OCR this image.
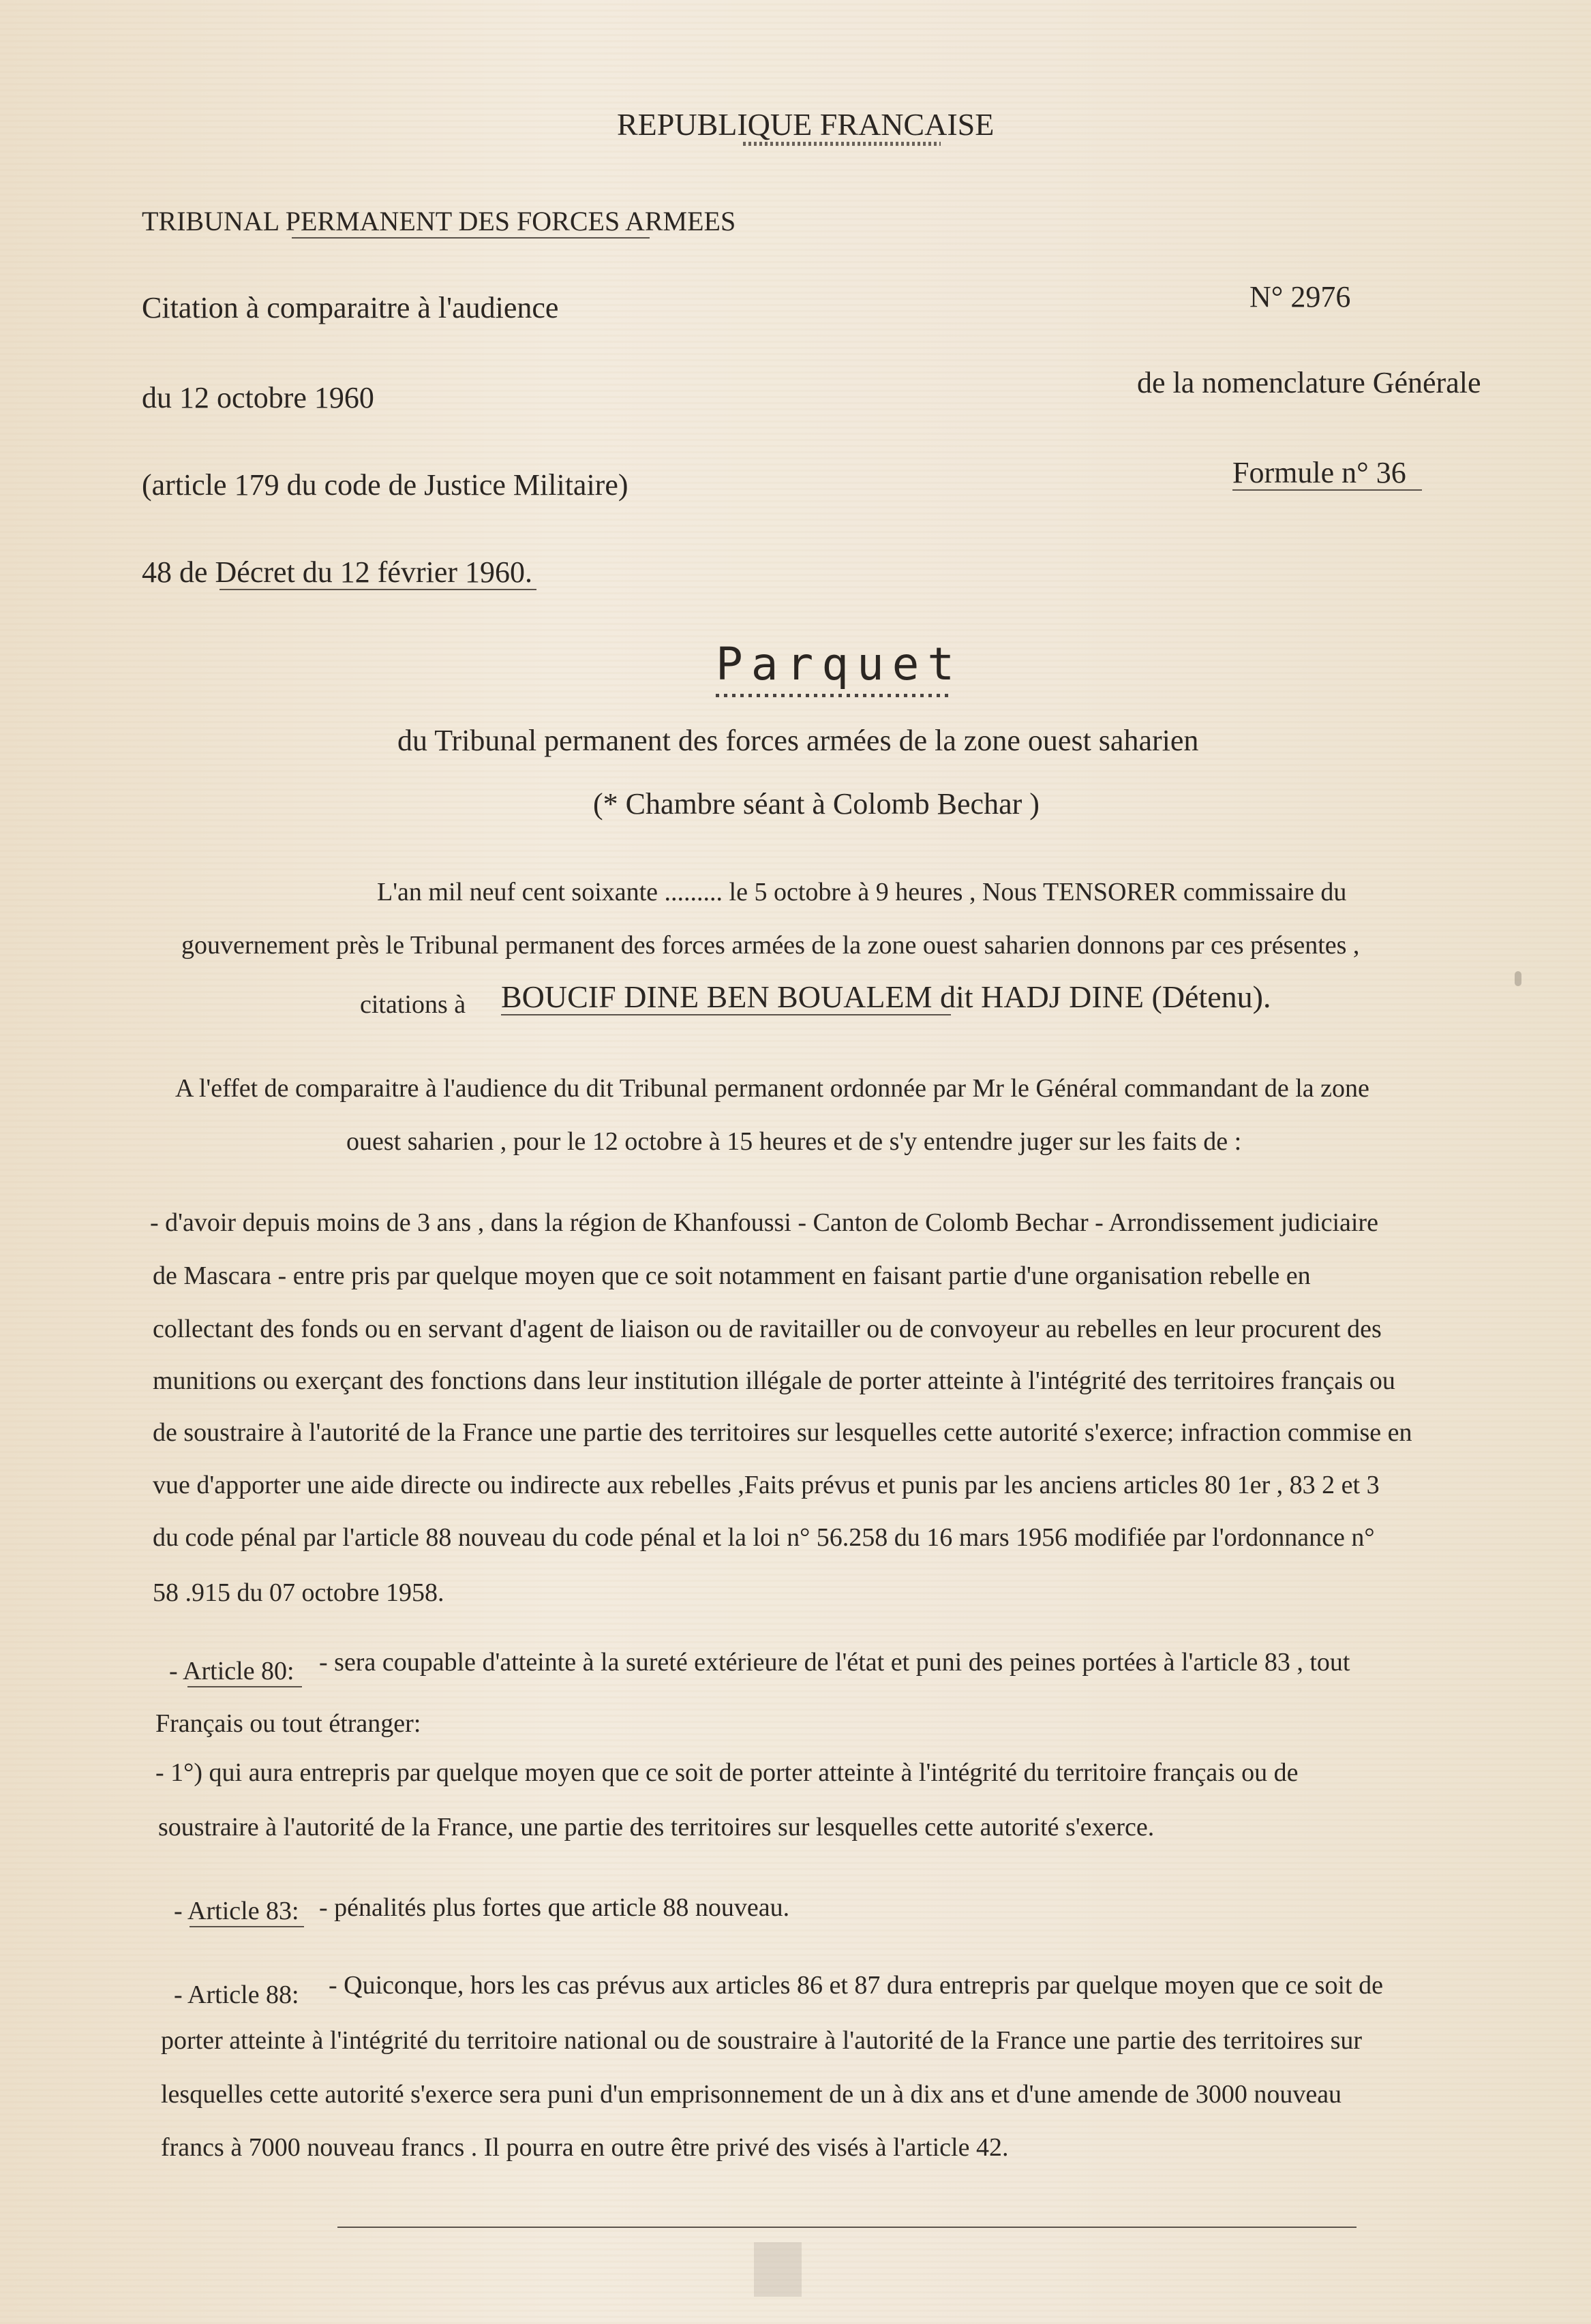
REPUBLIQUE FRANCAISE
TRIBUNAL PERMANENT DES FORCES ARMEES
Citation à comparaitre à l'audience
du 12 octobre 1960
(article 179 du code de Justice Militaire)
48 de Décret du 12 février 1960.
N° 2976
de la nomenclature Générale
Formule n° 36
Parquet
du Tribunal permanent des forces armées de la zone ouest saharien
(* Chambre séant à Colomb Bechar )
L'an mil neuf cent soixante ......... le 5 octobre à 9 heures , Nous TENSORER commissaire du
gouvernement près le Tribunal permanent des forces armées de la zone ouest saharien donnons par ces présentes ,
citations à BOUCIF DINE BEN BOUALEM dit HADJ DINE (Détenu).
A l'effet de comparaitre à l'audience du dit Tribunal permanent ordonnée par Mr le Général commandant de la zone
ouest saharien , pour le 12 octobre à 15 heures et de s'y entendre juger sur les faits de :
- d'avoir depuis moins de 3 ans , dans la région de Khanfoussi - Canton de Colomb Bechar - Arrondissement judiciaire
de Mascara - entre pris par quelque moyen que ce soit notamment en faisant partie d'une organisation rebelle en
collectant des fonds ou en servant d'agent de liaison ou de ravitailler ou de convoyeur au rebelles en leur procurent des
munitions ou exerçant des fonctions dans leur institution illégale de porter atteinte à l'intégrité des territoires français ou
de soustraire à l'autorité de la France une partie des territoires sur lesquelles cette autorité s'exerce; infraction commise en
vue d'apporter une aide directe ou indirecte aux rebelles ,Faits prévus et punis par les anciens articles 80 1er , 83 2 et 3
du code pénal par l'article 88 nouveau du code pénal et la loi n° 56.258 du 16 mars 1956 modifiée par l'ordonnance n°
58 .915 du 07 octobre 1958.
- Article 80: - sera coupable d'atteinte à la sureté extérieure de l'état et puni des peines portées à l'article 83 , tout
Français ou tout étranger:
- 1°) qui aura entrepris par quelque moyen que ce soit de porter atteinte à l'intégrité du territoire français ou de
soustraire à l'autorité de la France, une partie des territoires sur lesquelles cette autorité s'exerce.
- Article 83: - pénalités plus fortes que article 88 nouveau.
- Article 88: - Quiconque, hors les cas prévus aux articles 86 et 87 dura entrepris par quelque moyen que ce soit de
porter atteinte à l'intégrité du territoire national ou de soustraire à l'autorité de la France une partie des territoires sur
lesquelles cette autorité s'exerce sera puni d'un emprisonnement de un à dix ans et d'une amende de 3000 nouveau
francs à 7000 nouveau francs . Il pourra en outre être privé des visés à l'article 42.
